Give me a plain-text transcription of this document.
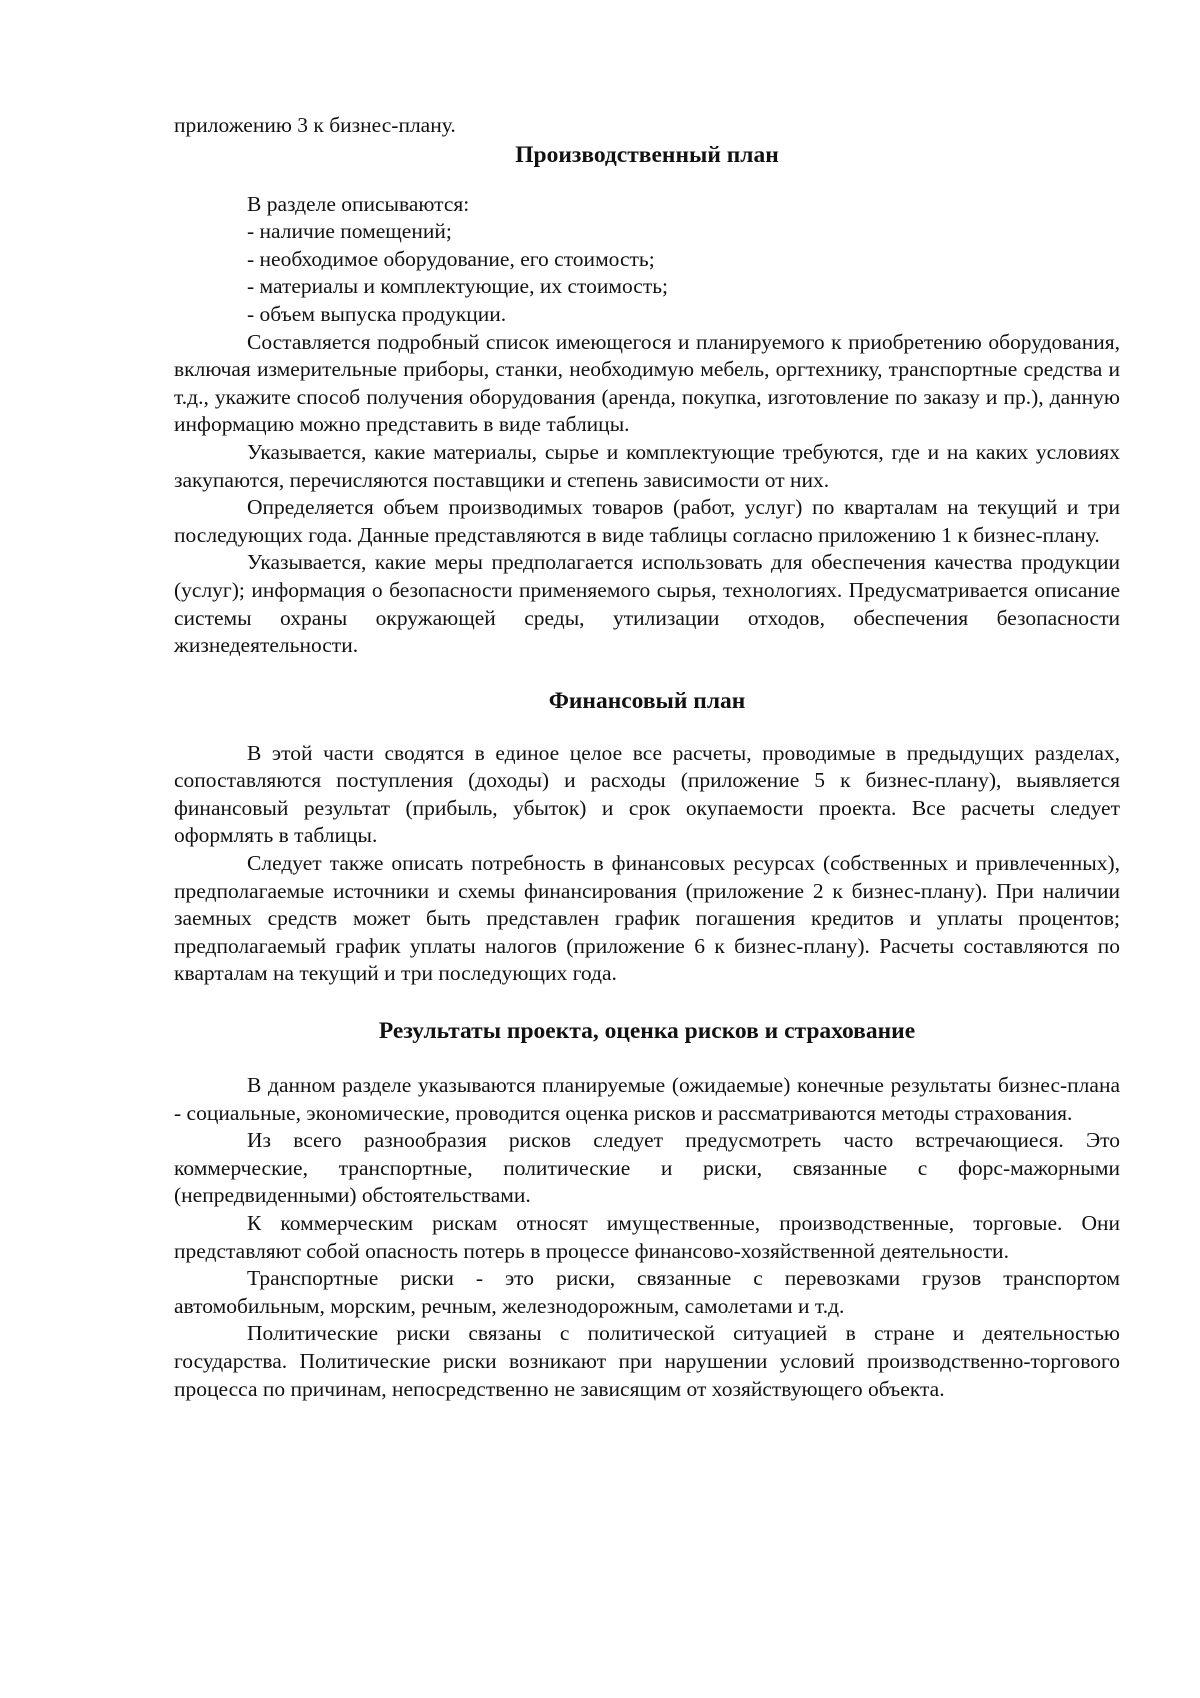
приложению 3 к бизнес-плану.

Производственный план

В разделе описываются:

- наличие помещений;
- необходимое оборудование, его стоимость;
- материалы и комплектующие, их стоимость;
- объем выпуска продукции.

Составляется подробный список имеющегося и планируемого к приобретению оборудования, включая измерительные приборы, станки, необходимую мебель, оргтехнику, транспортные средства и т.д., укажите способ получения оборудования (аренда, покупка, изготовление по заказу и пр.), данную информацию можно представить в виде таблицы.

Указывается, какие материалы, сырье и комплектующие требуются, где и на каких условиях закупаются, перечисляются поставщики и степень зависимости от них.

Определяется объем производимых товаров (работ, услуг) по кварталам на текущий и три последующих года. Данные представляются в виде таблицы согласно приложению 1 к бизнес-плану.

Указывается, какие меры предполагается использовать для обеспечения качества продукции (услуг); информация о безопасности применяемого сырья, технологиях. Предусматривается описание системы охраны окружающей среды, утилизации отходов, обеспечения безопасности жизнедеятельности.

Финансовый план

В этой части сводятся в единое целое все расчеты, проводимые в предыдущих разделах, сопоставляются поступления (доходы) и расходы (приложение 5 к бизнес-плану), выявляется финансовый результат (прибыль, убыток) и срок окупаемости проекта. Все расчеты следует оформлять в таблицы.

Следует также описать потребность в финансовых ресурсах (собственных и привлеченных), предполагаемые источники и схемы финансирования (приложение 2 к бизнес-плану). При наличии заемных средств может быть представлен график погашения кредитов и уплаты процентов; предполагаемый график уплаты налогов (приложение 6 к бизнес-плану). Расчеты составляются по кварталам на текущий и три последующих года.

Результаты проекта, оценка рисков и страхование

В данном разделе указываются планируемые (ожидаемые) конечные результаты бизнес-плана - социальные, экономические, проводится оценка рисков и рассматриваются методы страхования.

Из всего разнообразия рисков следует предусмотреть часто встречающиеся. Это коммерческие, транспортные, политические и риски, связанные с форс-мажорными (непредвиденными) обстоятельствами.

К коммерческим рискам относят имущественные, производственные, торговые. Они представляют собой опасность потерь в процессе финансово-хозяйственной деятельности.

Транспортные риски - это риски, связанные с перевозками грузов транспортом автомобильным, морским, речным, железнодорожным, самолетами и т.д.

Политические риски связаны с политической ситуацией в стране и деятельностью государства. Политические риски возникают при нарушении условий производственно-торгового процесса по причинам, непосредственно не зависящим от хозяйствующего объекта.
